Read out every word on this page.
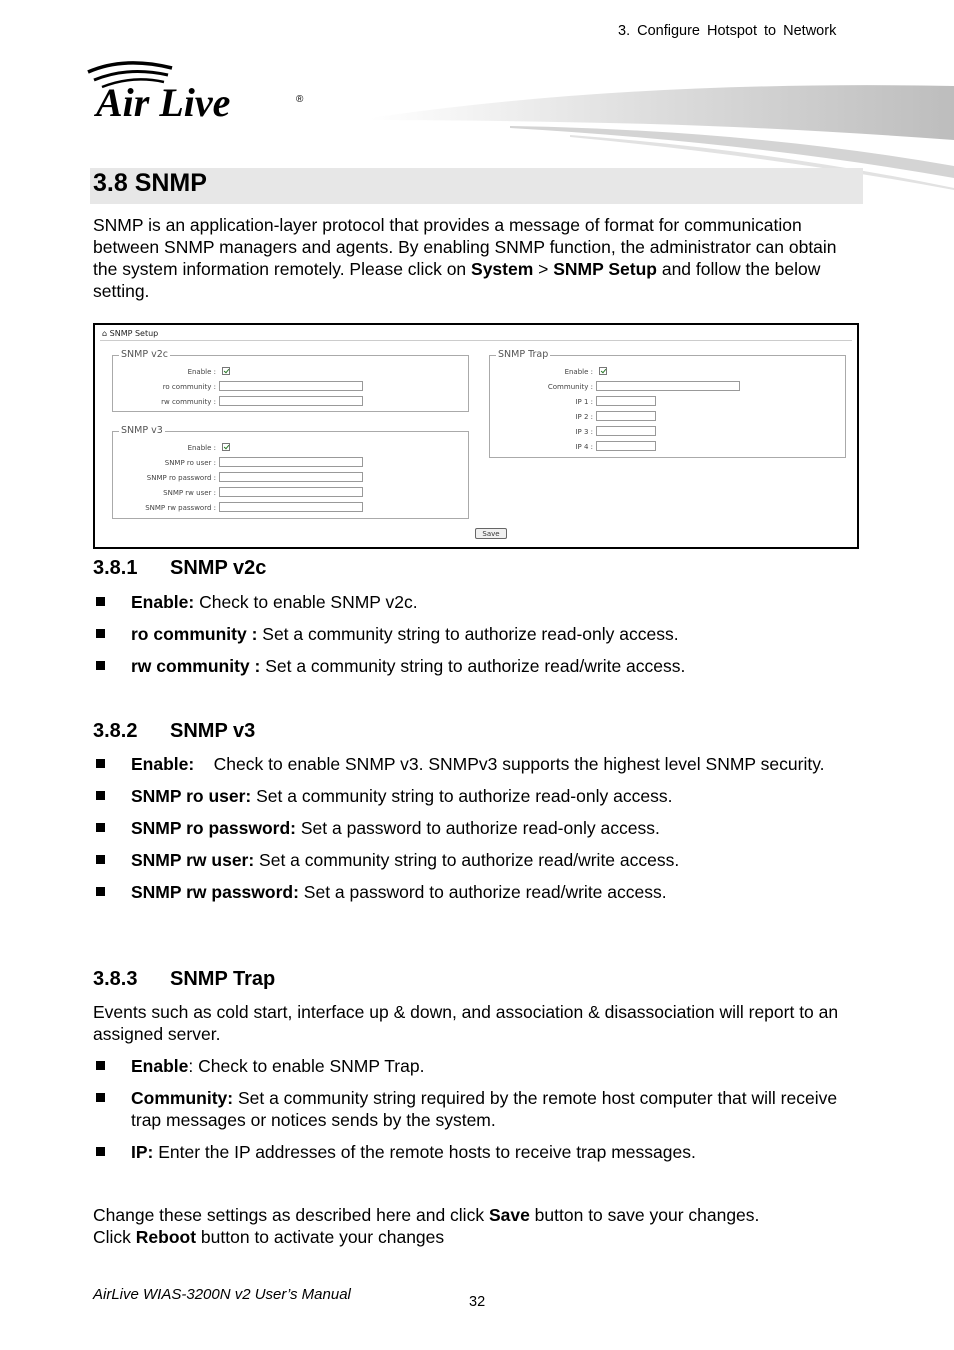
3. Configure Hotspot to Network
Air Live	®
3.8 SNMP
SNMP is an application-layer protocol that provides a message of format for communication between SNMP managers and agents. By enabling SNMP function, the administrator can obtain the system information remotely. Please click on System > SNMP Setup and follow the below setting.
⌂ SNMP Setup
SNMP v2c
Enable :
ro community :
rw community :
SNMP v3
Enable :
SNMP ro user :
SNMP ro password :
SNMP rw user :
SNMP rw password :
SNMP Trap
Enable :
Community :
IP 1 :
IP 2 :
IP 3 :
IP 4 :
Save
3.8.1 SNMP v2c
Enable: Check to enable SNMP v2c.
ro community : Set a community string to authorize read-only access.
rw community : Set a community string to authorize read/write access.
3.8.2 SNMP v3
Enable:    Check to enable SNMP v3. SNMPv3 supports the highest level SNMP security.
SNMP ro user: Set a community string to authorize read-only access.
SNMP ro password: Set a password to authorize read-only access.
SNMP rw user: Set a community string to authorize read/write access.
SNMP rw password: Set a password to authorize read/write access.
3.8.3 SNMP Trap
Events such as cold start, interface up & down, and association & disassociation will report to an assigned server.
Enable: Check to enable SNMP Trap.
Community: Set a community string required by the remote host computer that will receive trap messages or notices sends by the system.
IP: Enter the IP addresses of the remote hosts to receive trap messages.
Change these settings as described here and click Save button to save your changes.
Click Reboot button to activate your changes
AirLive WIAS-3200N v2 User’s Manual	32
